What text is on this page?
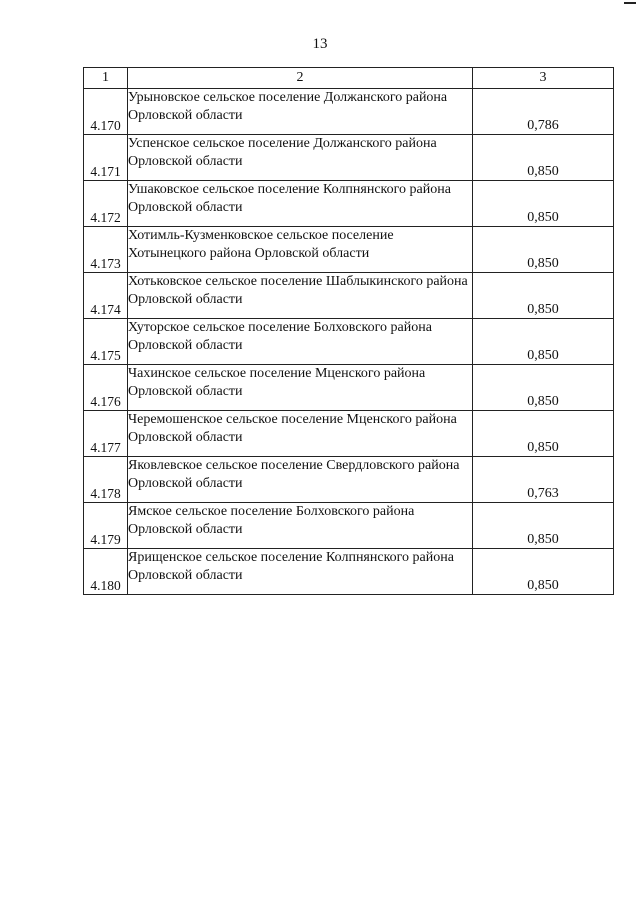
13
1	2	3
4.170	Урыновское сельское поселение Должанского района Орловской области	0,786
4.171	Успенское сельское поселение Должанского района Орловской области	0,850
4.172	Ушаковское сельское поселение Колпнянского района Орловской области	0,850
4.173	Хотимль-Кузменковское сельское поселение Хотынецкого района Орловской области	0,850
4.174	Хотьковское сельское поселение Шаблыкинского района Орловской области	0,850
4.175	Хуторское сельское поселение Болховского района Орловской области	0,850
4.176	Чахинское сельское поселение Мценского района Орловской области	0,850
4.177	Черемошенское сельское поселение Мценского района Орловской области	0,850
4.178	Яковлевское сельское поселение Свердловского района Орловской области	0,763
4.179	Ямское сельское поселение Болховского района Орловской области	0,850
4.180	Ярищенское сельское поселение Колпнянского района Орловской области	0,850
